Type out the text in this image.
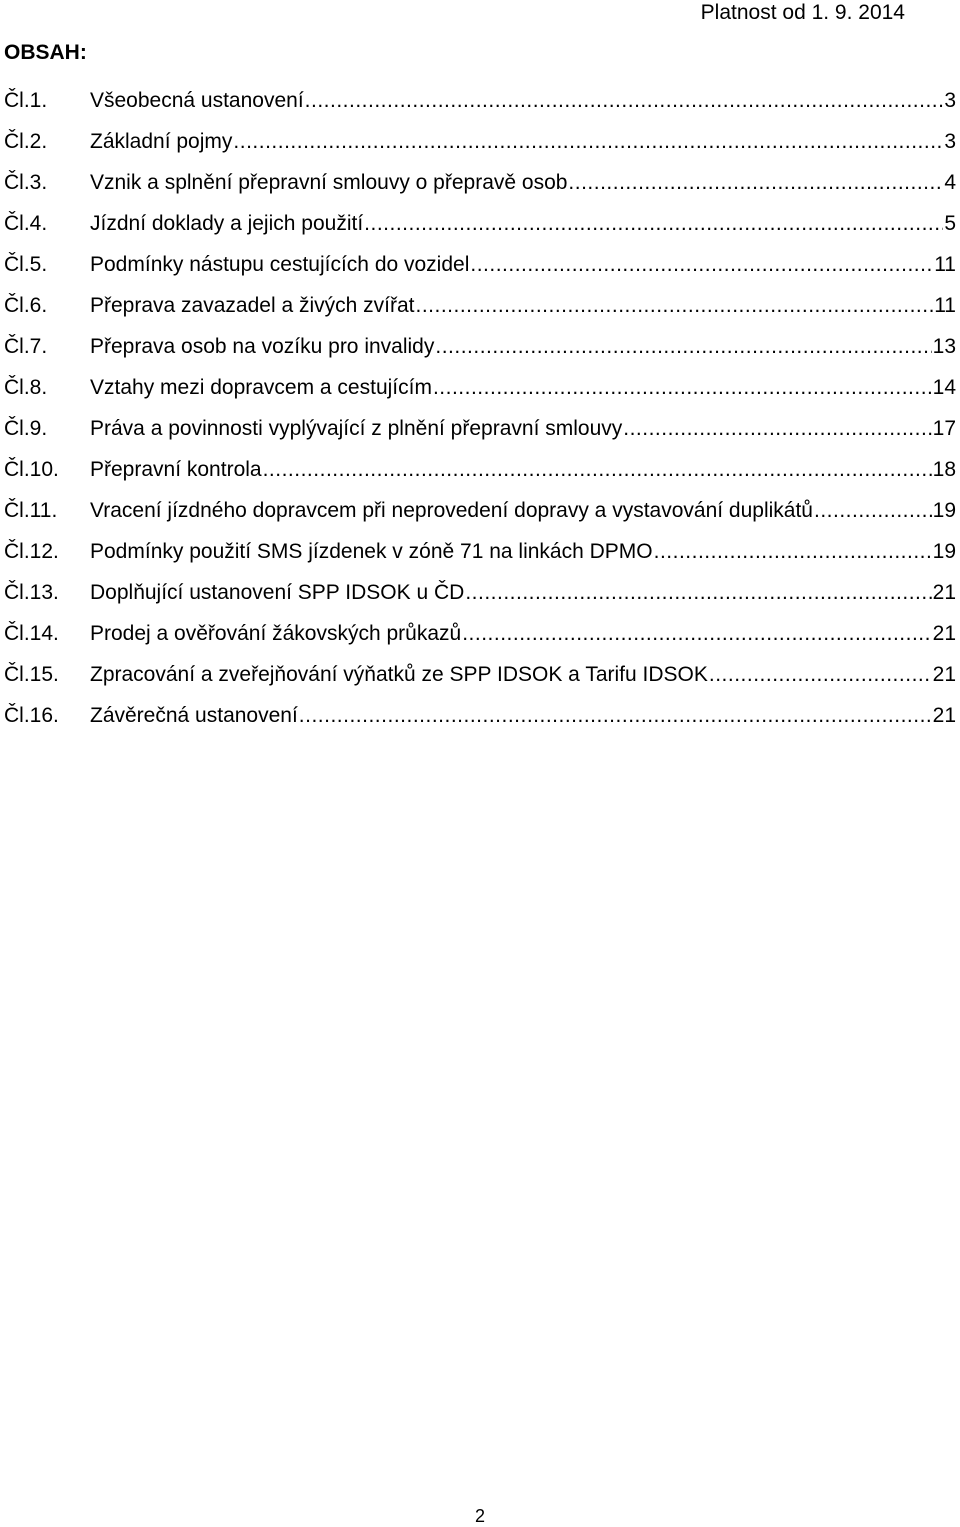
Platnost od 1. 9. 2014

OBSAH:
Čl.1.	Všeobecná ustanovení .....	3
Čl.2.	Základní pojmy .....	3
Čl.3.	Vznik a splnění přepravní smlouvy o přepravě osob .....	4
Čl.4.	Jízdní doklady a jejich použití .....	5
Čl.5.	Podmínky nástupu cestujících do vozidel .....	11
Čl.6.	Přeprava zavazadel a živých zvířat .....	11
Čl.7.	Přeprava osob na vozíku pro invalidy .....	13
Čl.8.	Vztahy mezi dopravcem a cestujícím .....	14
Čl.9.	Práva a povinnosti vyplývající z plnění přepravní smlouvy .....	17
Čl.10.	Přepravní kontrola .....	18
Čl.11.	Vracení jízdného dopravcem při neprovedení dopravy a vystavování duplikátů .....	19
Čl.12.	Podmínky použití SMS jízdenek v zóně 71 na linkách DPMO .....	19
Čl.13.	Doplňující ustanovení SPP IDSOK u ČD .....	21
Čl.14.	Prodej a ověřování žákovských průkazů .....	21
Čl.15.	Zpracování a zveřejňování výňatků ze SPP IDSOK a Tarifu IDSOK .....	21
Čl.16.	Závěrečná ustanovení .....	21

2
